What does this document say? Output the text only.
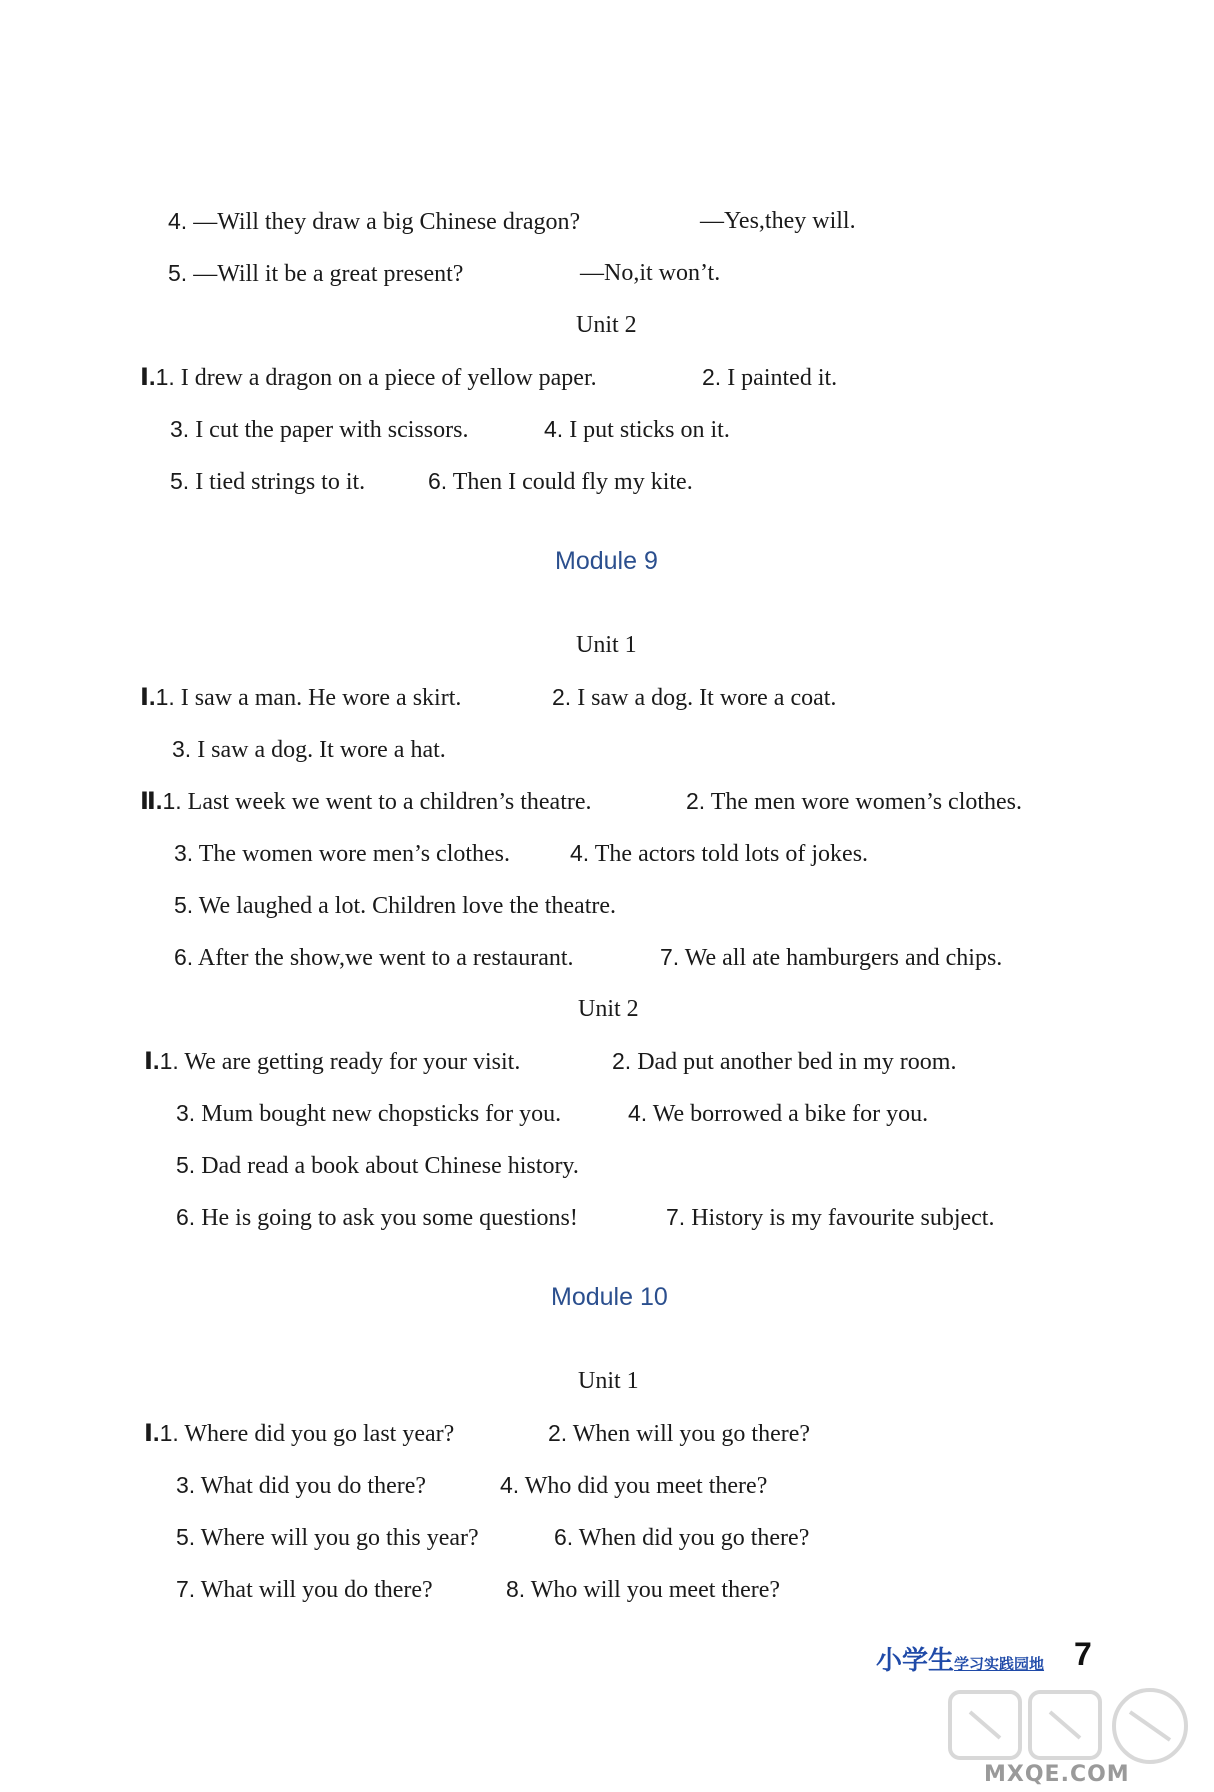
4. —Will they draw a big Chinese dragon?	—Yes,they will.
5. —Will it be a great present?	—No,it won’t.
Unit 2
Ⅰ.1. I drew a dragon on a piece of yellow paper.	2. I painted it.
3. I cut the paper with scissors.	4. I put sticks on it.
5. I tied strings to it.	6. Then I could fly my kite.
Module 9
Unit 1
Ⅰ.1. I saw a man. He wore a skirt.	2. I saw a dog. It wore a coat.
3. I saw a dog. It wore a hat.
Ⅱ.1. Last week we went to a children’s theatre.	2. The men wore women’s clothes.
3. The women wore men’s clothes.	4. The actors told lots of jokes.
5. We laughed a lot. Children love the theatre.
6. After the show,we went to a restaurant.	7. We all ate hamburgers and chips.
Unit 2
Ⅰ.1. We are getting ready for your visit.	2. Dad put another bed in my room.
3. Mum bought new chopsticks for you.	4. We borrowed a bike for you.
5. Dad read a book about Chinese history.
6. He is going to ask you some questions!	7. History is my favourite subject.
Module 10
Unit 1
Ⅰ.1. Where did you go last year?	2. When will you go there?
3. What did you do there?	4. Who did you meet there?
5. Where will you go this year?	6. When did you go there?
7. What will you do there?	8. Who will you meet there?
小学生学习实践园地 7
MXQE.COM
